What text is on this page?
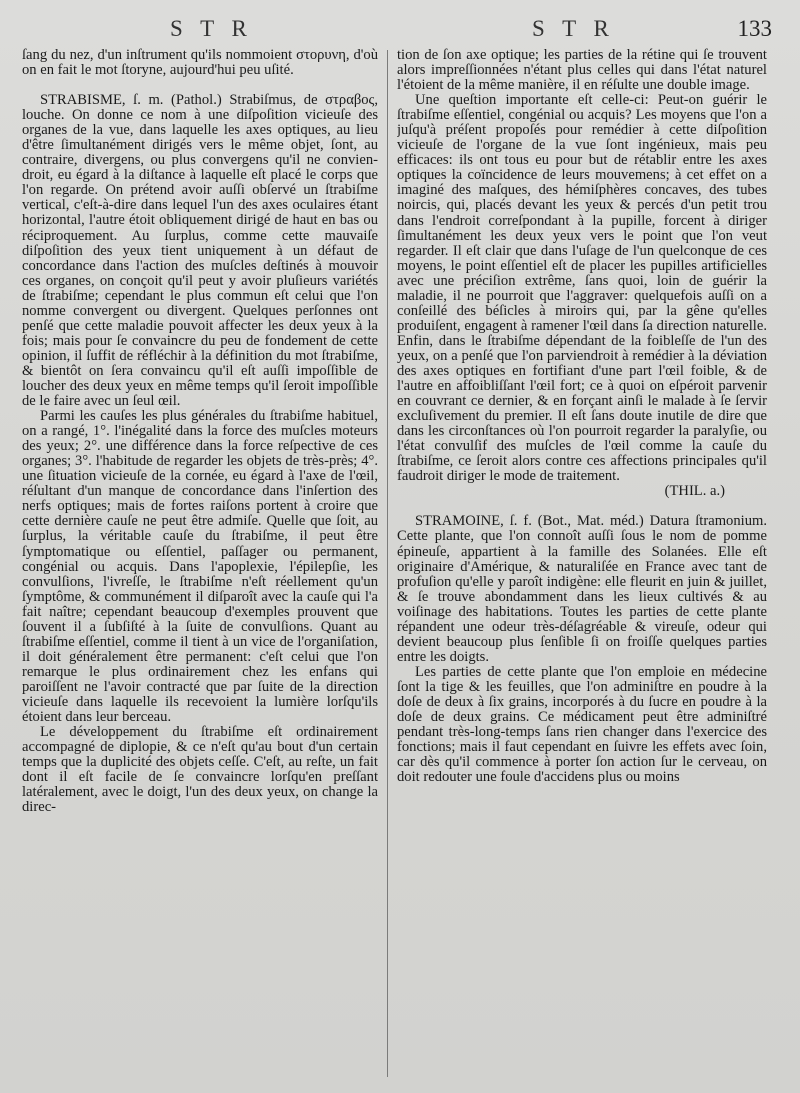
S T R	S T R	133

ſang du nez, d'un inſtrument qu'ils nommoient στορυνη, d'où on en fait le mot ſtoryne, aujourd'hui peu uſité.

STRABISME, ſ. m. (Pathol.) Strabiſmus, de στραβος, louche. On donne ce nom à une diſpoſition vicieuſe des organes de la vue, dans laquelle les axes optiques, au lieu d'être ſimultanément dirigés vers le même objet, ſont, au contraire, divergens, ou plus convergens qu'il ne convien-droit, eu égard à la diſtance à laquelle eſt placé le corps que l'on regarde. On prétend avoir auſſi obſervé un ſtrabiſme vertical, c'eſt-à-dire dans lequel l'un des axes oculaires étant horizontal, l'autre étoit obliquement dirigé de haut en bas ou réciproquement. Au ſurplus, comme cette mauvaiſe diſpoſition des yeux tient uniquement à un défaut de concordance dans l'action des muſcles deſtinés à mouvoir ces organes, on conçoit qu'il peut y avoir pluſieurs variétés de ſtrabiſme; cependant le plus commun eſt celui que l'on nomme convergent ou divergent. Quelques perſonnes ont penſé que cette maladie pouvoit affecter les deux yeux à la fois; mais pour ſe convaincre du peu de fondement de cette opinion, il ſuffit de réfléchir à la définition du mot ſtrabiſme, & bientôt on ſera convaincu qu'il eſt auſſi impoſſible de loucher des deux yeux en même temps qu'il ſeroit impoſſible de le faire avec un ſeul œil.

Parmi les cauſes les plus générales du ſtrabiſme habituel, on a rangé, 1°. l'inégalité dans la force des muſcles moteurs des yeux; 2°. une différence dans la force reſpective de ces organes; 3°. l'habitude de regarder les objets de très-près; 4°. une ſituation vicieuſe de la cornée, eu égard à l'axe de l'œil, réſultant d'un manque de concordance dans l'inſertion des nerfs optiques; mais de fortes raiſons portent à croire que cette dernière cauſe ne peut être admiſe. Quelle que ſoit, au ſurplus, la véritable cauſe du ſtrabiſme, il peut être ſymptomatique ou eſſentiel, paſſager ou permanent, congénial ou acquis. Dans l'apoplexie, l'épilepſie, les convulſions, l'ivreſſe, le ſtrabiſme n'eſt réellement qu'un ſymptôme, & communément il diſparoît avec la cauſe qui l'a fait naître; cependant beaucoup d'exemples prouvent que ſouvent il a ſubſiſté à la ſuite de convulſions. Quant au ſtrabiſme eſſentiel, comme il tient à un vice de l'organiſation, il doit généralement être permanent: c'eſt celui que l'on remarque le plus ordinairement chez les enfans qui paroiſſent ne l'avoir contracté que par ſuite de la direction vicieuſe dans laquelle ils recevoient la lumière lorſqu'ils étoient dans leur berceau.

Le développement du ſtrabiſme eſt ordinairement accompagné de diplopie, & ce n'eſt qu'au bout d'un certain temps que la duplicité des objets ceſſe. C'eſt, au reſte, un fait dont il eſt facile de ſe convaincre lorſqu'en preſſant latéralement, avec le doigt, l'un des deux yeux, on change la direc-

tion de ſon axe optique; les parties de la rétine qui ſe trouvent alors impreſſionnées n'étant plus celles qui dans l'état naturel l'étoient de la même manière, il en réſulte une double image.

Une queſtion importante eſt celle-ci: Peut-on guérir le ſtrabiſme eſſentiel, congénial ou acquis? Les moyens que l'on a juſqu'à préſent propoſés pour remédier à cette diſpoſition vicieuſe de l'organe de la vue ſont ingénieux, mais peu efficaces: ils ont tous eu pour but de rétablir entre les axes optiques la coïncidence de leurs mouvemens; à cet effet on a imaginé des maſques, des hémiſphères concaves, des tubes noircis, qui, placés devant les yeux & percés d'un petit trou dans l'endroit correſpondant à la pupille, forcent à diriger ſimultanément les deux yeux vers le point que l'on veut regarder. Il eſt clair que dans l'uſage de l'un quelconque de ces moyens, le point eſſentiel eſt de placer les pupilles artificielles avec une préciſion extrême, ſans quoi, loin de guérir la maladie, il ne pourroit que l'aggraver: quelquefois auſſi on a conſeillé des béſicles à miroirs qui, par la gêne qu'elles produiſent, engagent à ramener l'œil dans ſa direction naturelle. Enfin, dans le ſtrabiſme dépendant de la foibleſſe de l'un des yeux, on a penſé que l'on parviendroit à remédier à la déviation des axes optiques en fortifiant d'une part l'œil foible, & de l'autre en affoibliſſant l'œil fort; ce à quoi on eſpéroit parvenir en couvrant ce dernier, & en forçant ainſi le malade à ſe ſervir excluſivement du premier. Il eſt ſans doute inutile de dire que dans les circonſtances où l'on pourroit regarder la paralyſie, ou l'état convulſif des muſcles de l'œil comme la cauſe du ſtrabiſme, ce ſeroit alors contre ces affections principales qu'il faudroit diriger le mode de traitement.

(THIL. a.)

STRAMOINE, ſ. f. (Bot., Mat. méd.) Datura ſtramonium. Cette plante, que l'on connoît auſſi ſous le nom de pomme épineuſe, appartient à la famille des Solanées. Elle eſt originaire d'Amérique, & naturaliſée en France avec tant de profuſion qu'elle y paroît indigène: elle fleurit en juin & juillet, & ſe trouve abondamment dans les lieux cultivés & au voiſinage des habitations. Toutes les parties de cette plante répandent une odeur très-déſagréable & vireuſe, odeur qui devient beaucoup plus ſenſible ſi on froiſſe quelques parties entre les doigts.

Les parties de cette plante que l'on emploie en médecine ſont la tige & les feuilles, que l'on adminiſtre en poudre à la doſe de deux à ſix grains, incorporés à du ſucre en poudre à la doſe de deux grains. Ce médicament peut être adminiſtré pendant très-long-temps ſans rien changer dans l'exercice des fonctions; mais il faut cependant en ſuivre les effets avec ſoin, car dès qu'il commence à porter ſon action ſur le cerveau, on doit redouter une foule d'accidens plus ou moins
